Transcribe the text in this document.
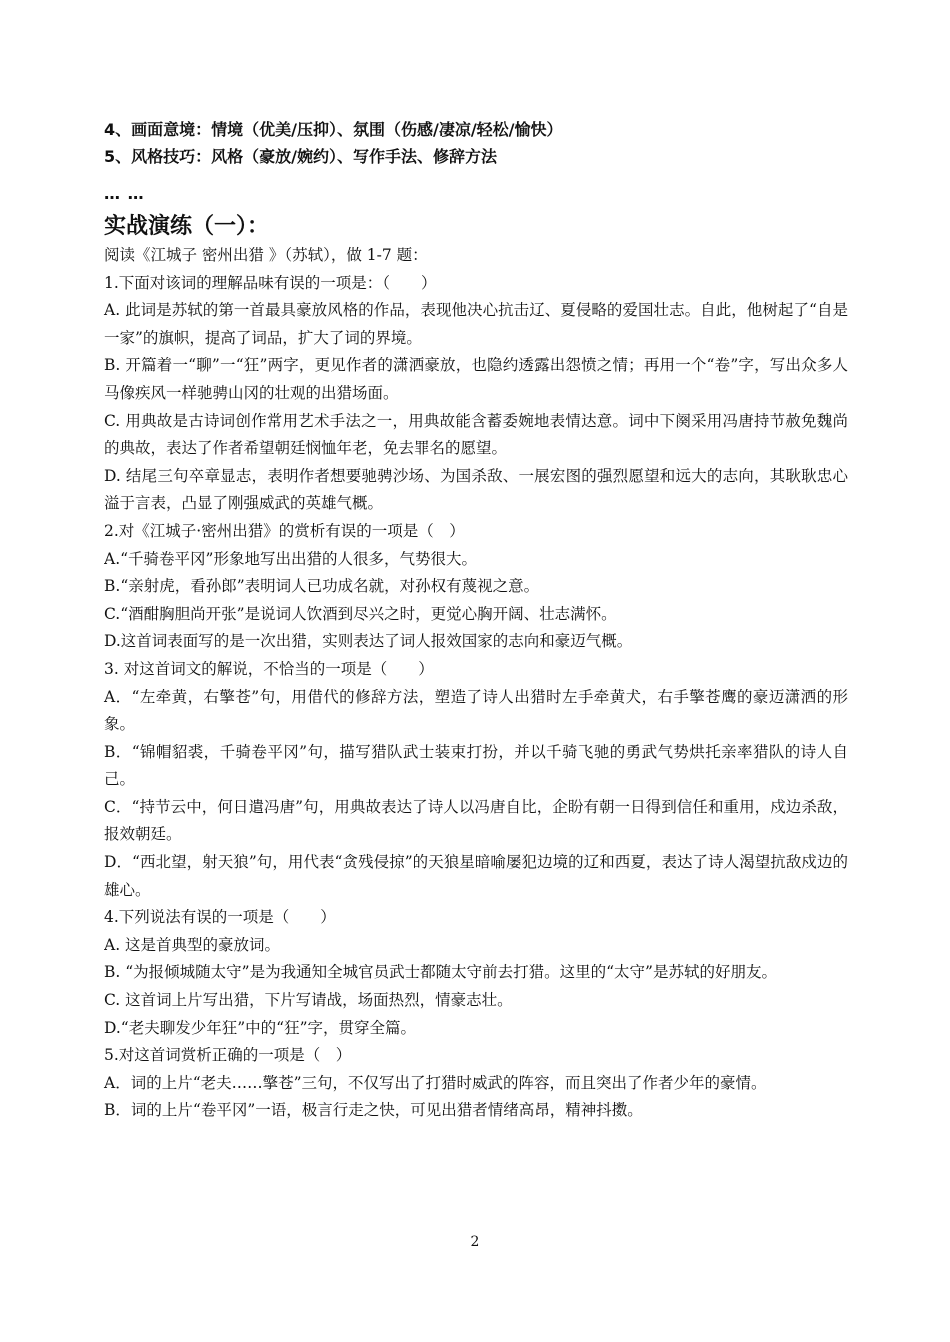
4、画面意境：情境（优美/压抑）、氛围（伤感/凄凉/轻松/愉快）
5、风格技巧：风格（豪放/婉约）、写作手法、修辞方法
… …
实战演练（一）：
阅读《江城子 密州出猎 》（苏轼），做 1-7 题：
1.下面对该词的理解品味有误的一项是：（　　）
A. 此词是苏轼的第一首最具豪放风格的作品，表现他决心抗击辽、夏侵略的爱国壮志。自此，他树起了“自是一家”的旗帜，提高了词品，扩大了词的界境。
B. 开篇着一“聊”一“狂”两字，更见作者的潇洒豪放，也隐约透露出怨愤之情；再用一个“卷”字，写出众多人马像疾风一样驰骋山冈的壮观的出猎场面。
C. 用典故是古诗词创作常用艺术手法之一，用典故能含蓄委婉地表情达意。词中下阕采用冯唐持节赦免魏尚的典故，表达了作者希望朝廷悯恤年老，免去罪名的愿望。
D. 结尾三句卒章显志，表明作者想要驰骋沙场、为国杀敌、一展宏图的强烈愿望和远大的志向，其耿耿忠心溢于言表，凸显了刚强威武的英雄气概。
2.对《江城子·密州出猎》的赏析有误的一项是（　）
A.“千骑卷平冈”形象地写出出猎的人很多，气势很大。
B.“亲射虎，看孙郎”表明词人已功成名就，对孙权有蔑视之意。
C.“酒酣胸胆尚开张”是说词人饮酒到尽兴之时，更觉心胸开阔、壮志满怀。
D.这首词表面写的是一次出猎，实则表达了词人报效国家的志向和豪迈气概。
3. 对这首词文的解说，不恰当的一项是（　　）
A．“左牵黄，右擎苍”句，用借代的修辞方法，塑造了诗人出猎时左手牵黄犬，右手擎苍鹰的豪迈潇洒的形象。
B．“锦帽貂裘，千骑卷平冈”句，描写猎队武士装束打扮，并以千骑飞驰的勇武气势烘托亲率猎队的诗人自己。
C．“持节云中，何日遣冯唐”句，用典故表达了诗人以冯唐自比，企盼有朝一日得到信任和重用，戍边杀敌，报效朝廷。
D．“西北望，射天狼”句，用代表“贪残侵掠”的天狼星暗喻屡犯边境的辽和西夏，表达了诗人渴望抗敌戍边的雄心。
4.下列说法有误的一项是（　　）
A. 这是首典型的豪放词。
B. “为报倾城随太守”是为我通知全城官员武士都随太守前去打猎。这里的“太守”是苏轼的好朋友。
C. 这首词上片写出猎，下片写请战，场面热烈，情豪志壮。
D.“老夫聊发少年狂”中的“狂”字，贯穿全篇。
5.对这首词赏析正确的一项是（　）
A．词的上片“老夫……擎苍”三句，不仅写出了打猎时威武的阵容，而且突出了作者少年的豪情。
B．词的上片“卷平冈”一语，极言行走之快，可见出猎者情绪高昂，精神抖擞。
2
